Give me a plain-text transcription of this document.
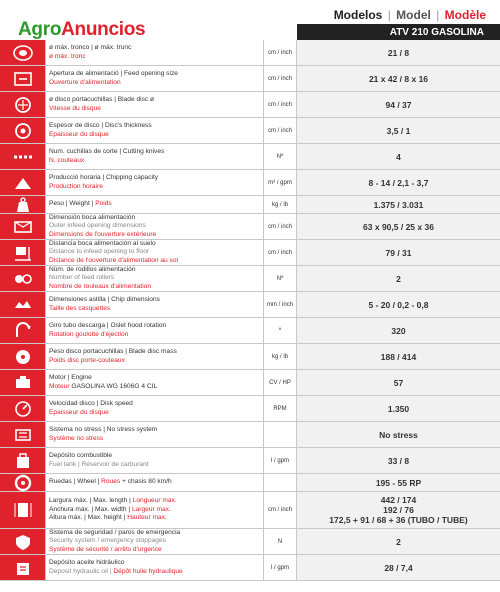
AgroAnuncios
Modelos | Model | Modèle
ATV 210 GASOLINA
ø máx. tronco | ø máx. trunc
ø máx. tronc	cm / inch	21 / 8
Apertura de alimentació | Feed opening size
Ouverture d'alimentation	cm / inch	21 x 42 / 8 x 16
ø disco portacuchillas | Blade disc ø
Vitesse du disque	cm / inch	94 / 37
Espesor de disco | Disc's thickness
Epaisseur du disque	cm / inch	3,5 / 1
Num. cuchillas de corte | Cutting knives
N. couteaux	Nº	4
Producció horaria | Chipping capacity
Production horaire	m³ / gpm	8 - 14 / 2,1 - 3,7
Peso | Weight | Poids	kg / lb	1.375 / 3.031
Dimensión boca alimentación
Outer infeed opening dimensions
Dimensions de l'ouverture extérieure
cm / inch	63 x 90,5 / 25 x 36
Distancia boca alimentación al suelo
Distance to infeed opening to floor
Distance de l'ouverture d'alimentation au sol
cm / inch	79 / 31
Núm. de rodillos alimentación
Number of feed rollers
Nombre de rouleaux d'alimentation
Nº	2
Dimensiones astilla | Chip dimensions
Taille des casquettes	mm / inch	5 - 20 / 0,2 - 0,8
Giro tubo descarga | Oslet hood rotation
Rotation goulotte d'éjection	º	320
Peso disco portacuchillas | Blade disc mass
Poids disc porte-couteaux	kg / lb	188 / 414
Motor | Engine
Moteur GASOLINA WG 1606G 4 CIL	CV / HP	57
Velocidad disco | Disk speed
Epaisseur du disque	RPM	1.350
Sistema no stress | No stress system
Système no stress	No stress
Depósito combustible
Fuel tank | Réservoir de carburant	l / gpm	33 / 8
Ruedas | Wheel | Roues + chasis 80 km/h	195 - 55 RP
Largura máx. | Max. length | Longueur max.
Anchura máx. | Max. width | Largeur max.
Altura máx. | Max. height | Hauteur max.
cm / inch
442 / 174
192 / 76
172,5 + 91 / 68 + 36 (TUBO / TUBE)
Sistema de seguridad / paros de emergencia
Security system / emergency stoppages
Système de sécurité / arrêts d'urgence
N	2
Depósito aceite hidráulico
Deposit hydraulic oil | Dépôt huile hydraulique	l / gpm	28 / 7,4
